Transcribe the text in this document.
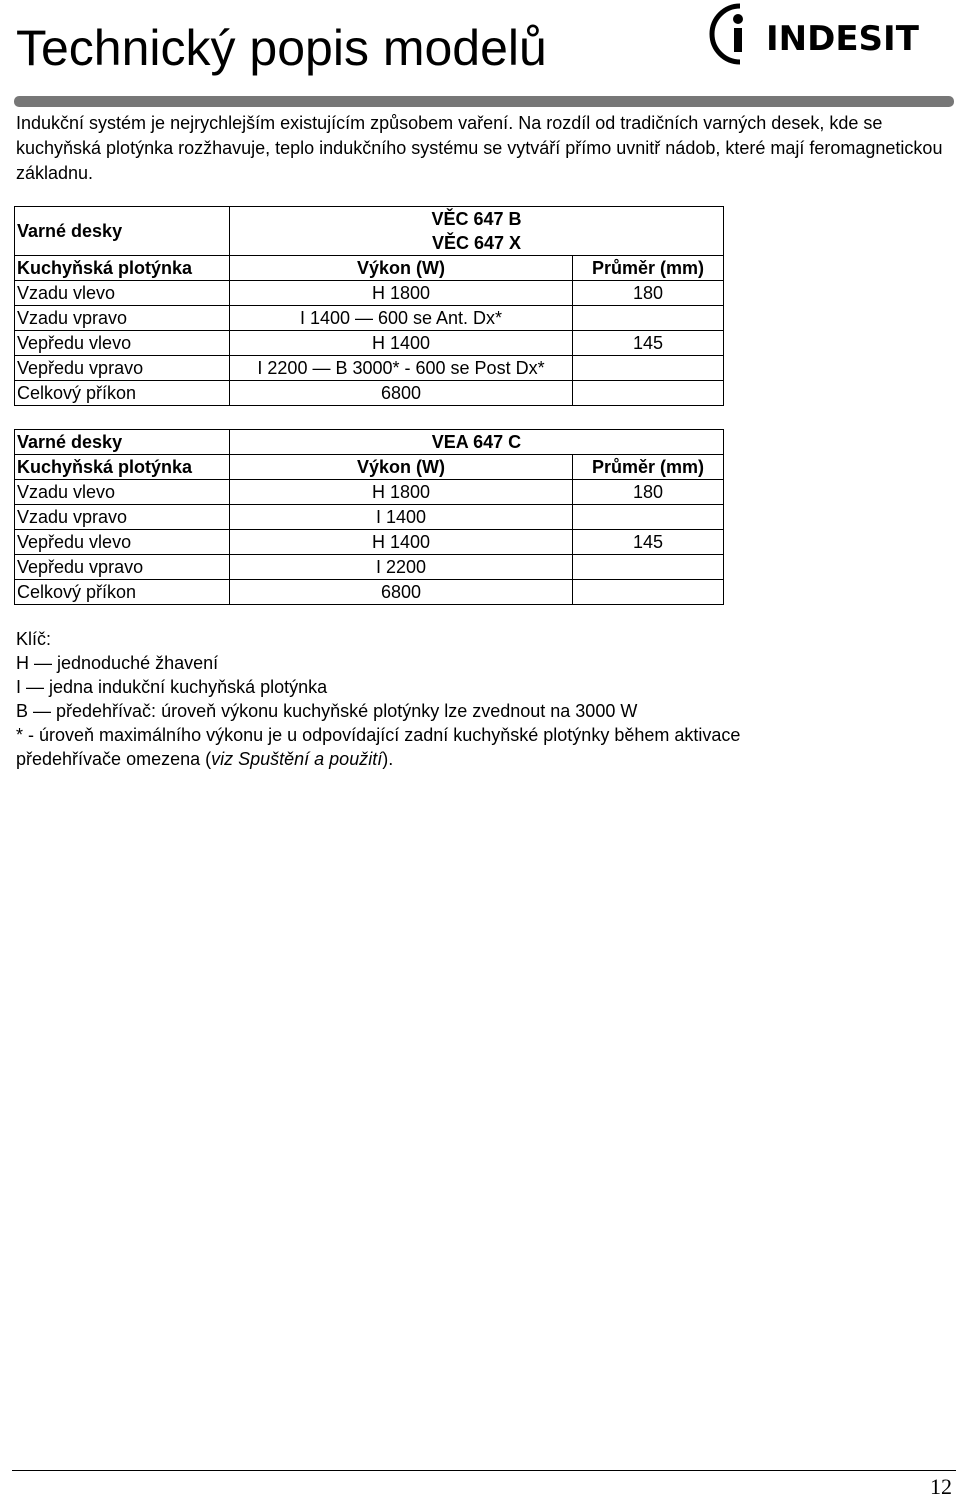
Technický popis modelů	INDESIT
Indukční systém je nejrychlejším existujícím způsobem vaření. Na rozdíl od tradičních varných desek, kde se kuchyňská plotýnka rozžhavuje, teplo indukčního systému se vytváří přímo uvnitř nádob, které mají feromagnetickou základnu.
Varné desky	VĚC 647 B
VĚC 647 X	

Kuchyňská plotýnka	Výkon (W)	Průměr (mm)
Vzadu vlevo	H 1800	180
Vzadu vpravo	I 1400 — 600 se Ant. Dx*	
Vepředu vlevo	H 1400	145
Vepředu vpravo	I 2200 — B 3000* - 600 se Post Dx*	
Celkový příkon	6800	
Varné desky	VEA 647 C	
Kuchyňská plotýnka	Výkon (W)	Průměr (mm)
Vzadu vlevo	H 1800	180
Vzadu vpravo	I 1400	
Vepředu vlevo	H 1400	145
Vepředu vpravo	I 2200	
Celkový příkon	6800	
Klíč:
H — jednoduché žhavení
I — jedna indukční kuchyňská plotýnka
B — předehřívač: úroveň výkonu kuchyňské plotýnky lze zvednout na 3000 W
* - úroveň maximálního výkonu je u odpovídající zadní kuchyňské plotýnky během aktivace
předehřívače omezena (viz Spuštění a použití).
12
